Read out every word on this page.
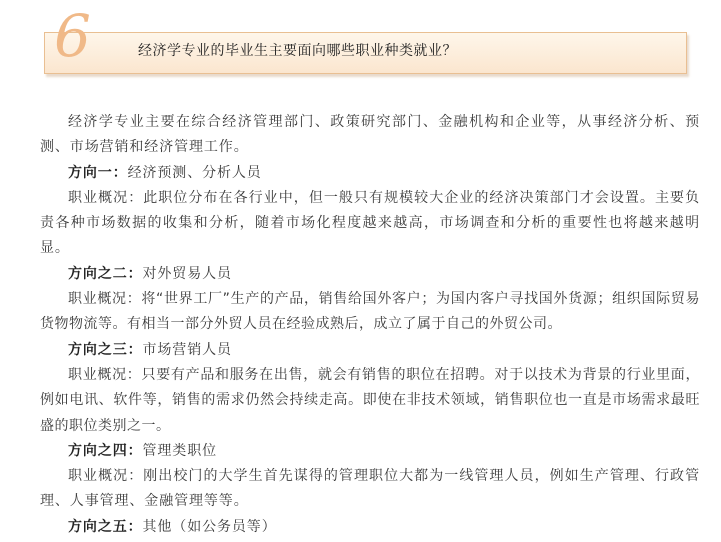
6	经济学专业的毕业生主要面向哪些职业种类就业？

经济学专业主要在综合经济管理部门、政策研究部门、金融机构和企业等，从事经济分析、预测、市场营销和经济管理工作。

方向一：经济预测、分析人员

职业概况：此职位分布在各行业中，但一般只有规模较大企业的经济决策部门才会设置。主要负责各种市场数据的收集和分析，随着市场化程度越来越高，市场调查和分析的重要性也将越来越明显。

方向之二：对外贸易人员

职业概况：将“世界工厂”生产的产品，销售给国外客户；为国内客户寻找国外货源；组织国际贸易货物物流等。有相当一部分外贸人员在经验成熟后，成立了属于自己的外贸公司。

方向之三：市场营销人员

职业概况：只要有产品和服务在出售，就会有销售的职位在招聘。对于以技术为背景的行业里面，例如电讯、软件等，销售的需求仍然会持续走高。即使在非技术领域，销售职位也一直是市场需求最旺盛的职位类别之一。

方向之四：管理类职位

职业概况：刚出校门的大学生首先谋得的管理职位大都为一线管理人员，例如生产管理、行政管理、人事管理、金融管理等等。

方向之五：其他（如公务员等）
